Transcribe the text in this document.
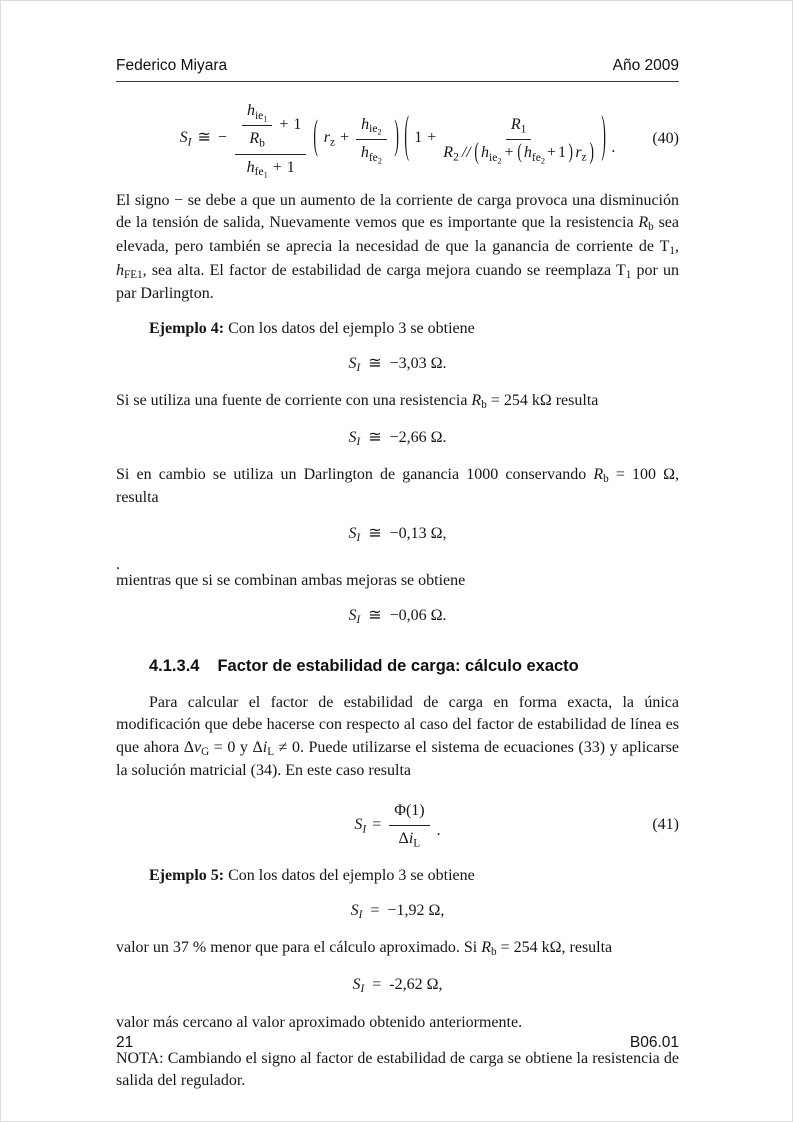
Federico Miyara	Año 2009
$S_I$ ≅ − $\frac{\frac{h_{ie_1}}{R_b} + 1}{h_{fe_1} + 1}$ ( $r_z + \frac{h_{ie_2}}{h_{fe_2}}$ ) ( 1 +
$R_1$
$R_2$ // ( $h_{ie_2}$ + ( $h_{fe_2} + 1$ ) $r_z$ ) ) .
(40)

El signo − se debe a que un aumento de la corriente de carga provoca una disminución de la tensión de salida, Nuevamente vemos que es importante que la resistencia Rb sea elevada, pero también se aprecia la necesidad de que la ganancia de corriente de T1, hFE1, sea alta. El factor de estabilidad de carga mejora cuando se reemplaza T1 por un par Darlington.

Ejemplo 4: Con los datos del ejemplo 3 se obtiene
SI  ≅  −3,03 Ω.

Si se utiliza una fuente de corriente con una resistencia Rb = 254 kΩ resulta

SI  ≅  −2,66 Ω.

Si en cambio se utiliza un Darlington de ganancia 1000 conservando Rb = 100 Ω, resulta

SI  ≅  −0,13 Ω,
.

mientras que si se combinan ambas mejoras se obtiene

SI  ≅  −0,06 Ω.
4.1.3.4 Factor de estabilidad de carga: cálculo exacto

Para calcular el factor de estabilidad de carga en forma exacta, la única modificación que debe hacerse con respecto al caso del factor de estabilidad de línea es que ahora ΔvG = 0 y ΔiL ≠ 0. Puede utilizarse el sistema de ecuaciones (33) y aplicarse la solución matricial (34). En este caso resulta

$S_I = \frac{\Phi(1)}{\Delta i_L}$ .	(41)
Ejemplo 5: Con los datos del ejemplo 3 se obtiene
SI  =  −1,92 Ω,

valor un 37 % menor que para el cálculo aproximado. Si Rb = 254 kΩ, resulta

SI  =  -2,62 Ω,

valor más cercano al valor aproximado obtenido anteriormente.

NOTA: Cambiando el signo al factor de estabilidad de carga se obtiene la resistencia de salida del regulador.

21	B06.01
